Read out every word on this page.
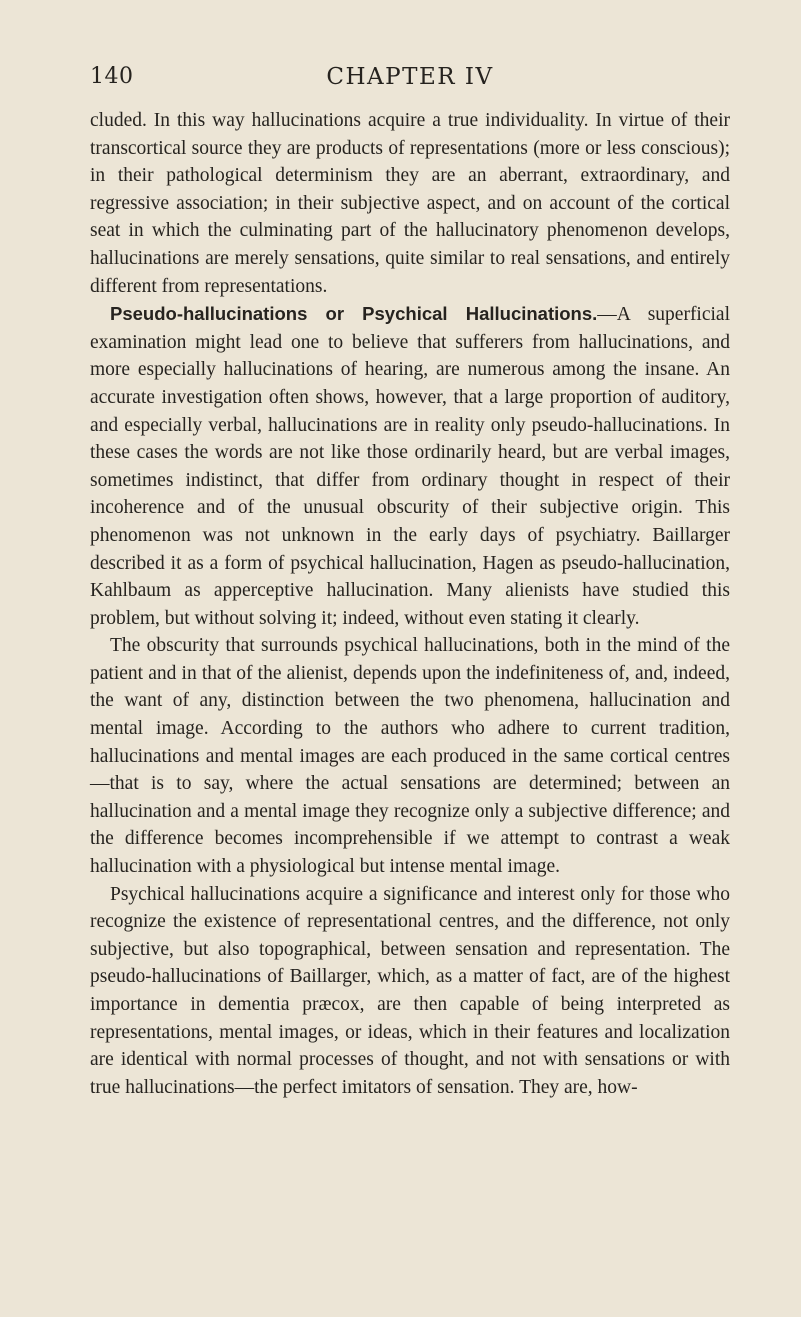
140	CHAPTER IV

cluded. In this way hallucinations acquire a true individuality. In virtue of their transcortical source they are products of representations (more or less conscious); in their pathological determinism they are an aberrant, extraordinary, and regressive association; in their subjective aspect, and on account of the cortical seat in which the culminating part of the hallucinatory phenomenon develops, hallucinations are merely sensations, quite similar to real sensations, and entirely different from representations.

Pseudo-hallucinations or Psychical Hallucinations.—A superficial examination might lead one to believe that sufferers from hallucinations, and more especially hallucinations of hearing, are numerous among the insane. An accurate investigation often shows, however, that a large proportion of auditory, and especially verbal, hallucinations are in reality only pseudo-hallucinations. In these cases the words are not like those ordinarily heard, but are verbal images, sometimes indistinct, that differ from ordinary thought in respect of their incoherence and of the unusual obscurity of their subjective origin. This phenomenon was not unknown in the early days of psychiatry. Baillarger described it as a form of psychical hallucination, Hagen as pseudo-hallucination, Kahlbaum as apperceptive hallucination. Many alienists have studied this problem, but without solving it; indeed, without even stating it clearly.

The obscurity that surrounds psychical hallucinations, both in the mind of the patient and in that of the alienist, depends upon the indefiniteness of, and, indeed, the want of any, distinction between the two phenomena, hallucination and mental image. According to the authors who adhere to current tradition, hallucinations and mental images are each produced in the same cortical centres—that is to say, where the actual sensations are determined; between an hallucination and a mental image they recognize only a subjective difference; and the difference becomes incomprehensible if we attempt to contrast a weak hallucination with a physiological but intense mental image.

Psychical hallucinations acquire a significance and interest only for those who recognize the existence of representational centres, and the difference, not only subjective, but also topographical, between sensation and representation. The pseudo-hallucinations of Baillarger, which, as a matter of fact, are of the highest importance in dementia præcox, are then capable of being interpreted as representations, mental images, or ideas, which in their features and localization are identical with normal processes of thought, and not with sensations or with true hallucinations—the perfect imitators of sensation. They are, how-
